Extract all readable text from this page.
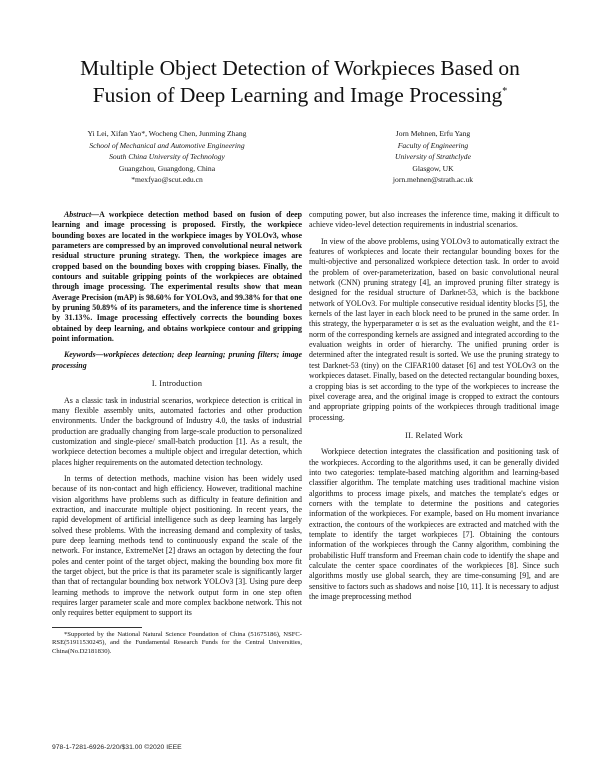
Multiple Object Detection of Workpieces Based on
Fusion of Deep Learning and Image Processing*
Yi Lei, Xifan Yao*, Wocheng Chen, Junming Zhang
School of Mechanical and Automotive Engineering
South China University of Technology
Guangzhou, Guangdong, China
*mexfyao@scut.edu.cn
Jorn Mehnen, Erfu Yang
Faculty of Engineering
University of Strathclyde
Glasgow, UK
jorn.mehnen@strath.ac.uk

Abstract—A workpiece detection method based on fusion of deep learning and image processing is proposed. Firstly, the workpiece bounding boxes are located in the workpiece images by YOLOv3, whose parameters are compressed by an improved convolutional neural network residual structure pruning strategy. Then, the workpiece images are cropped based on the bounding boxes with cropping biases. Finally, the contours and suitable gripping points of the workpieces are obtained through image processing. The experimental results show that mean Average Precision (mAP) is 98.60% for YOLOv3, and 99.38% for that one by pruning 50.89% of its parameters, and the inference time is shortened by 31.13%. Image processing effectively corrects the bounding boxes obtained by deep learning, and obtains workpiece contour and gripping point information.

Keywords—workpieces detection; deep learning; pruning filters; image processing

I. Introduction

As a classic task in industrial scenarios, workpiece detection is critical in many flexible assembly units, automated factories and other production environments. Under the background of Industry 4.0, the tasks of industrial production are gradually changing from large-scale production to personalized customization and single-piece/ small-batch production [1]. As a result, the workpiece detection becomes a multiple object and irregular detection, which places higher requirements on the automated detection technology.

In terms of detection methods, machine vision has been widely used because of its non-contact and high efficiency. However, traditional machine vision algorithms have problems such as difficulty in feature definition and extraction, and inaccurate multiple object positioning. In recent years, the rapid development of artificial intelligence such as deep learning has largely solved these problems. With the increasing demand and complexity of tasks, pure deep learning methods tend to continuously expand the scale of the network. For instance, ExtremeNet [2] draws an octagon by detecting the four poles and center point of the target object, making the bounding box more fit the target object, but the price is that its parameter scale is significantly larger than that of rectangular bounding box network YOLOv3 [3]. Using pure deep learning methods to improve the network output form in one step often requires larger parameter scale and more complex backbone network. This not only requires better equipment to support its

*Supported by the National Natural Science Foundation of China (51675186), NSFC-RSE(51911530245), and the Fundamental Research Funds for the Central Universities, China(No.D2181830).

computing power, but also increases the inference time, making it difficult to achieve video-level detection requirements in industrial scenarios.

In view of the above problems, using YOLOv3 to automatically extract the features of workpieces and locate their rectangular bounding boxes for the multi-objective and personalized workpiece detection task. In order to avoid the problem of over-parameterization, based on basic convolutional neural network (CNN) pruning strategy [4], an improved pruning filter strategy is designed for the residual structure of Darknet-53, which is the backbone network of YOLOv3. For multiple consecutive residual identity blocks [5], the kernels of the last layer in each block need to be pruned in the same order. In this strategy, the hyperparameter α is set as the evaluation weight, and the ℓ1-norm of the corresponding kernels are assigned and integrated according to the evaluation weights in order of hierarchy. The unified pruning order is determined after the integrated result is sorted. We use the pruning strategy to test Darknet-53 (tiny) on the CIFAR100 dataset [6] and test YOLOv3 on the workpieces dataset. Finally, based on the detected rectangular bounding boxes, a cropping bias is set according to the type of the workpieces to increase the pixel coverage area, and the original image is cropped to extract the contours and appropriate gripping points of the workpieces through traditional image processing.

II. Related Work

Workpiece detection integrates the classification and positioning task of the workpieces. According to the algorithms used, it can be generally divided into two categories: template-based matching algorithm and learning-based classifier algorithm. The template matching uses traditional machine vision algorithms to process image pixels, and matches the template's edges or corners with the template to determine the positions and categories information of the workpieces. For example, based on Hu moment invariance extraction, the contours of the workpieces are extracted and matched with the template to identify the target workpieces [7]. Obtaining the contours information of the workpieces through the Canny algorithm, combining the probabilistic Huff transform and Freeman chain code to identify the shape and calculate the center space coordinates of the workpieces [8]. Since such algorithms mostly use global search, they are time-consuming [9], and are sensitive to factors such as shadows and noise [10, 11]. It is necessary to adjust the image preprocessing method

978-1-7281-6926-2/20/$31.00 ©2020 IEEE
